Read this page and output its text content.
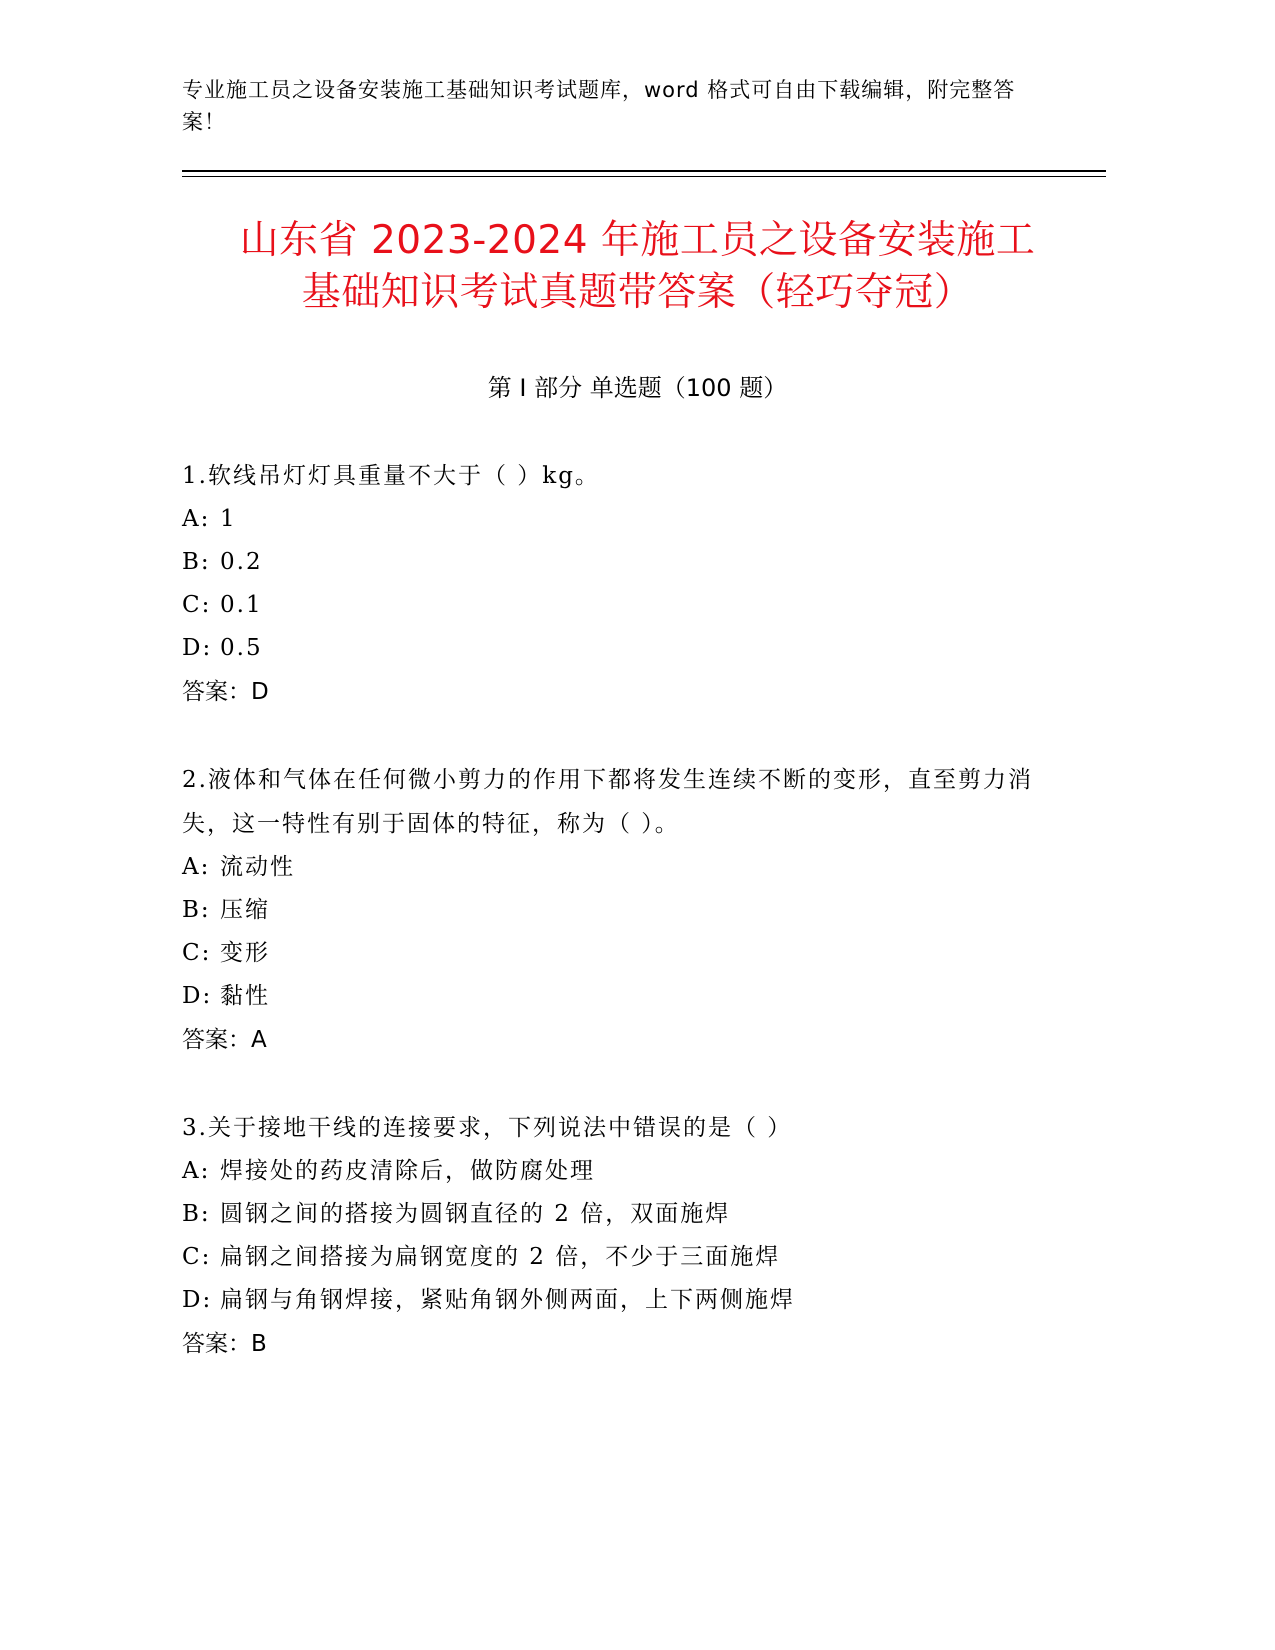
专业施工员之设备安装施工基础知识考试题库，word 格式可自由下载编辑，附完整答案！
山东省 2023-2024 年施工员之设备安装施工
基础知识考试真题带答案（轻巧夺冠）
第 I 部分 单选题（100 题）

1.软线吊灯灯具重量不大于（ ）kg。

A: 1

B: 0.2

C: 0.1

D: 0.5

答案：D

2.液体和气体在任何微小剪力的作用下都将发生连续不断的变形，直至剪力消失，这一特性有别于固体的特征，称为（ ）。

A: 流动性

B: 压缩

C: 变形

D: 黏性

答案：A

3.关于接地干线的连接要求，下列说法中错误的是（ ）

A: 焊接处的药皮清除后，做防腐处理

B: 圆钢之间的搭接为圆钢直径的 2 倍，双面施焊

C: 扁钢之间搭接为扁钢宽度的 2 倍，不少于三面施焊

D: 扁钢与角钢焊接，紧贴角钢外侧两面，上下两侧施焊

答案：B
